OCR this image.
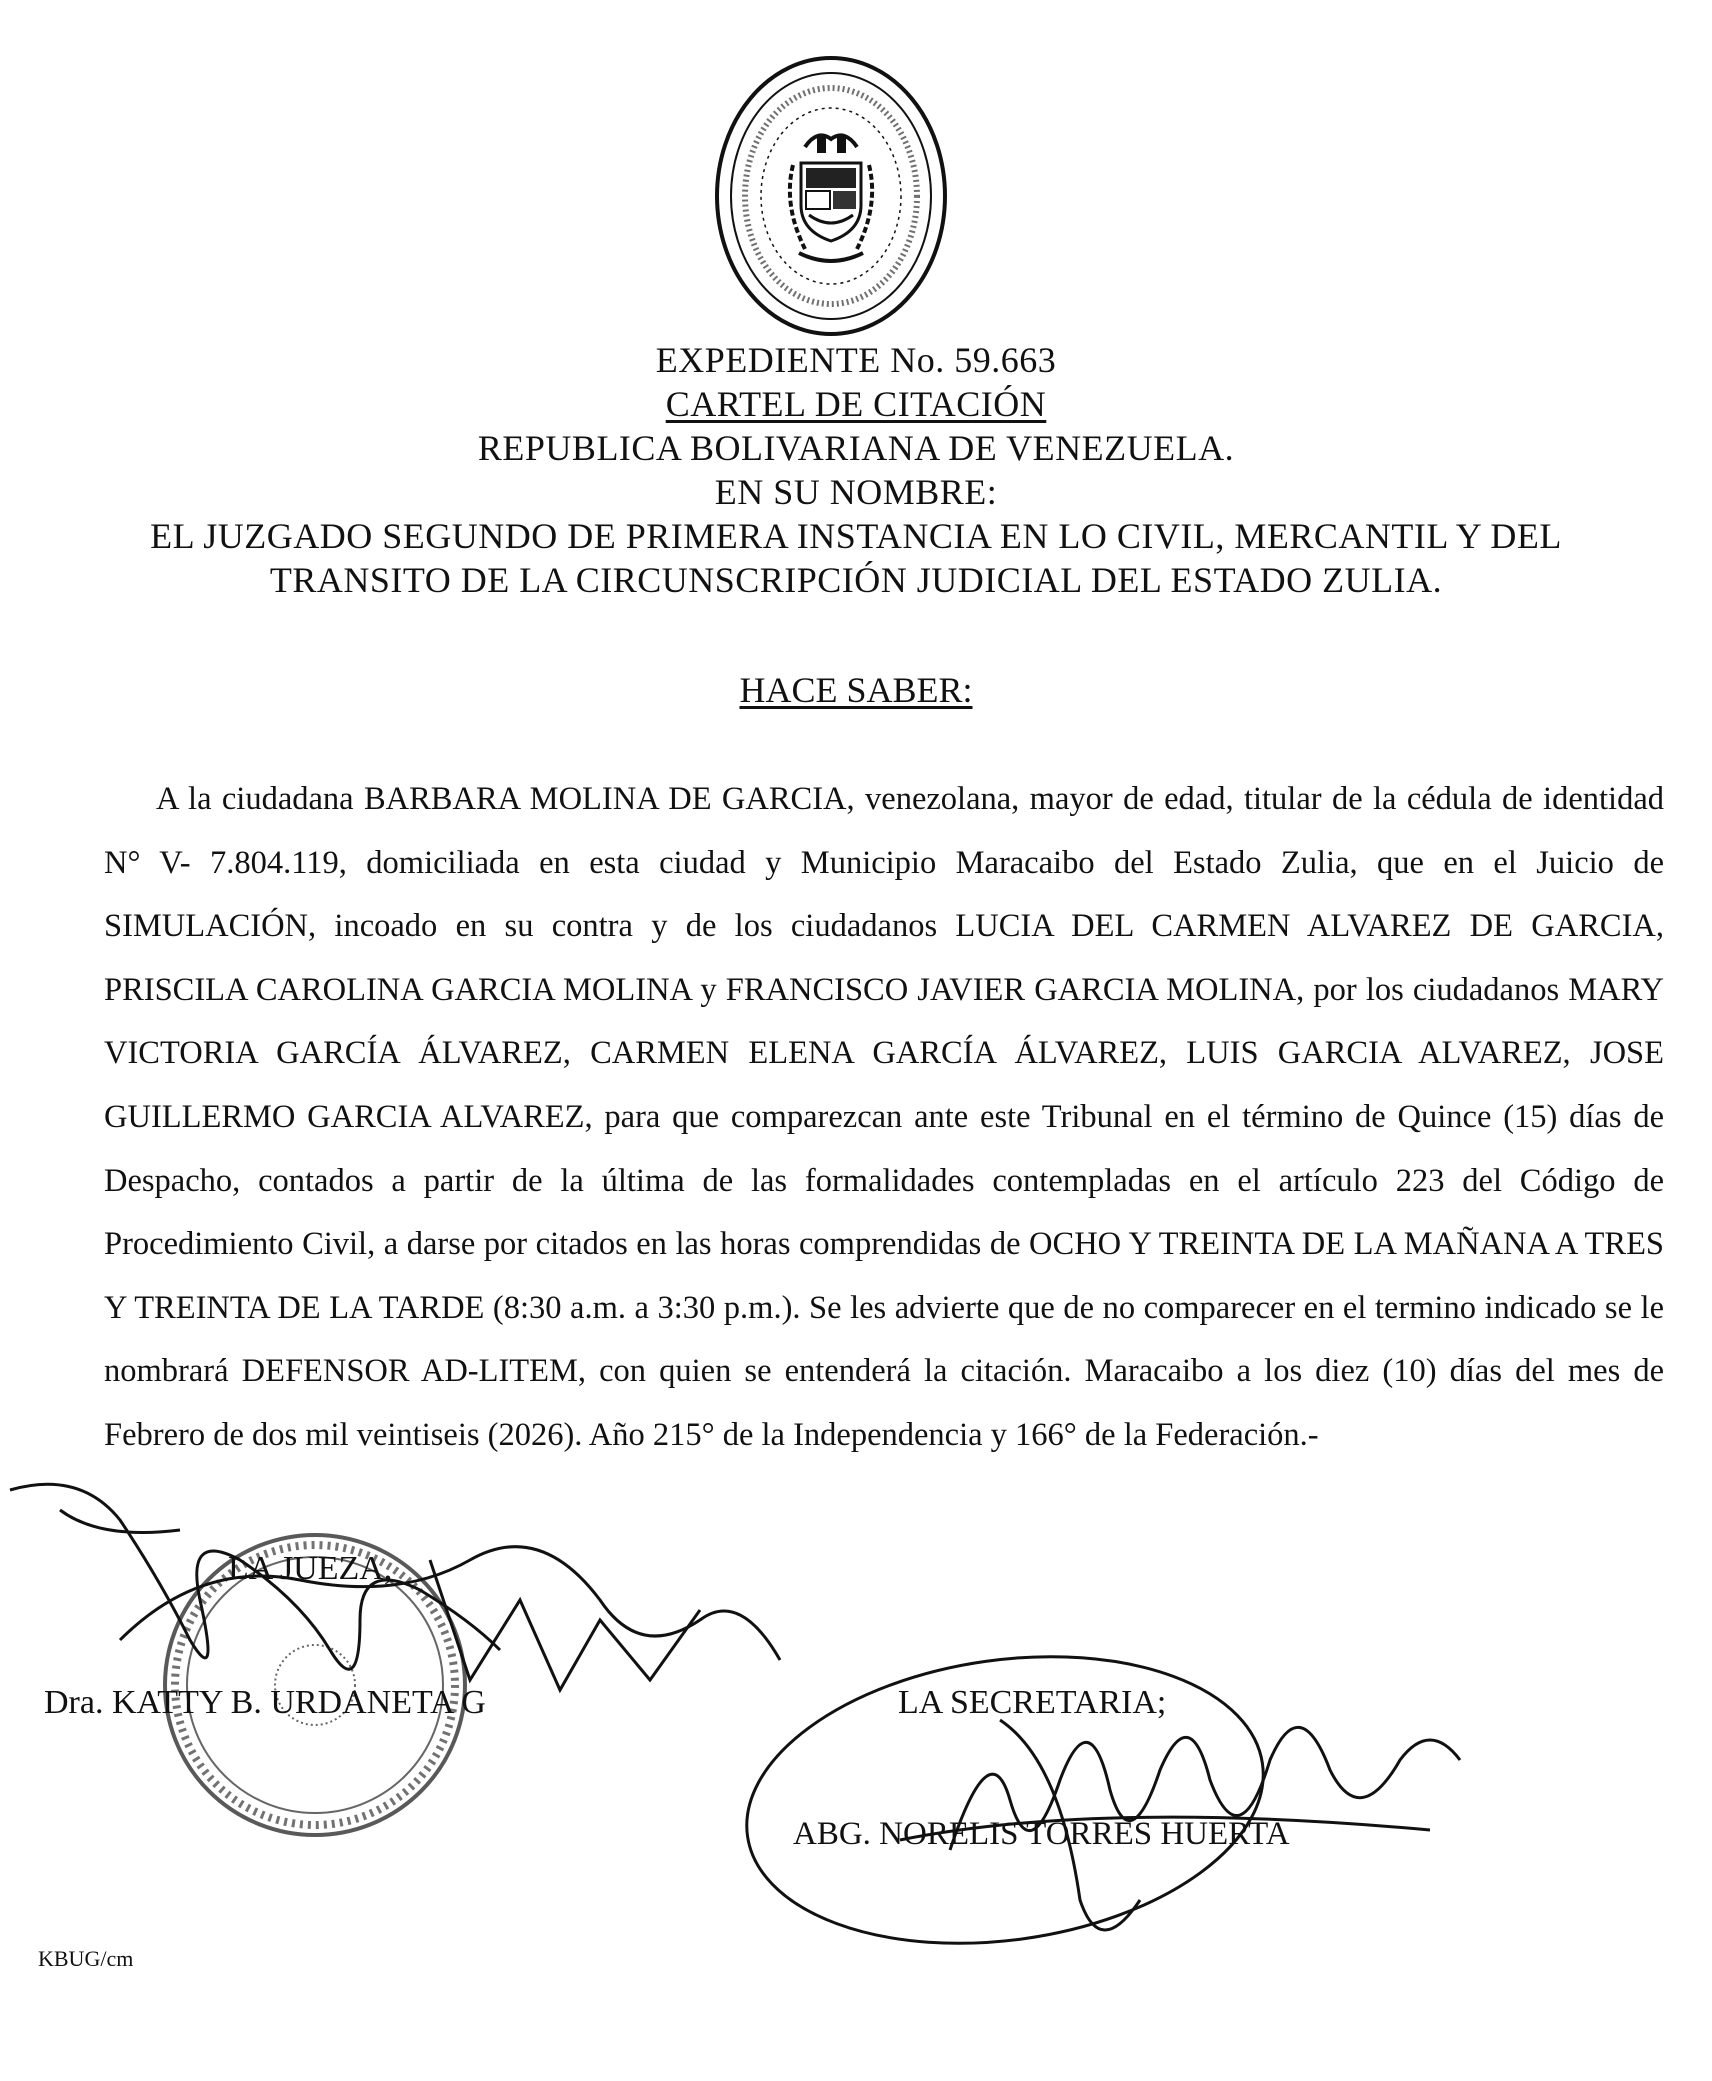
EXPEDIENTE No. 59.663
CARTEL DE CITACIÓN
REPUBLICA BOLIVARIANA DE VENEZUELA.
EN SU NOMBRE:
EL JUZGADO SEGUNDO DE PRIMERA INSTANCIA EN LO CIVIL, MERCANTIL Y DEL
TRANSITO DE LA CIRCUNSCRIPCIÓN JUDICIAL DEL ESTADO ZULIA.
HACE SABER:
A la ciudadana BARBARA MOLINA DE GARCIA, venezolana, mayor de edad, titular de la cédula de identidad N° V- 7.804.119, domiciliada en esta ciudad y Municipio Maracaibo del Estado Zulia, que en el Juicio de SIMULACIÓN, incoado en su contra y de los ciudadanos LUCIA DEL CARMEN ALVAREZ DE GARCIA, PRISCILA CAROLINA GARCIA MOLINA y FRANCISCO JAVIER GARCIA MOLINA, por los ciudadanos MARY VICTORIA GARCÍA ÁLVAREZ, CARMEN ELENA GARCÍA ÁLVAREZ, LUIS GARCIA ALVAREZ, JOSE GUILLERMO GARCIA ALVAREZ, para que comparezcan ante este Tribunal en el término de Quince (15) días de Despacho, contados a partir de la última de las formalidades contempladas en el artículo 223 del Código de Procedimiento Civil, a darse por citados en las horas comprendidas de OCHO Y TREINTA DE LA MAÑANA A TRES Y TREINTA DE LA TARDE (8:30 a.m. a 3:30 p.m.). Se les advierte que de no comparecer en el termino indicado se le nombrará DEFENSOR AD-LITEM, con quien se entenderá la citación. Maracaibo a los diez (10) días del mes de Febrero de dos mil veintiseis (2026). Año 215° de la Independencia y 166° de la Federación.-
LA JUEZA,
Dra. KATTY B. URDANETA G	LA SECRETARIA;
ABG. NORELIS TORRES HUERTA
KBUG/cm
